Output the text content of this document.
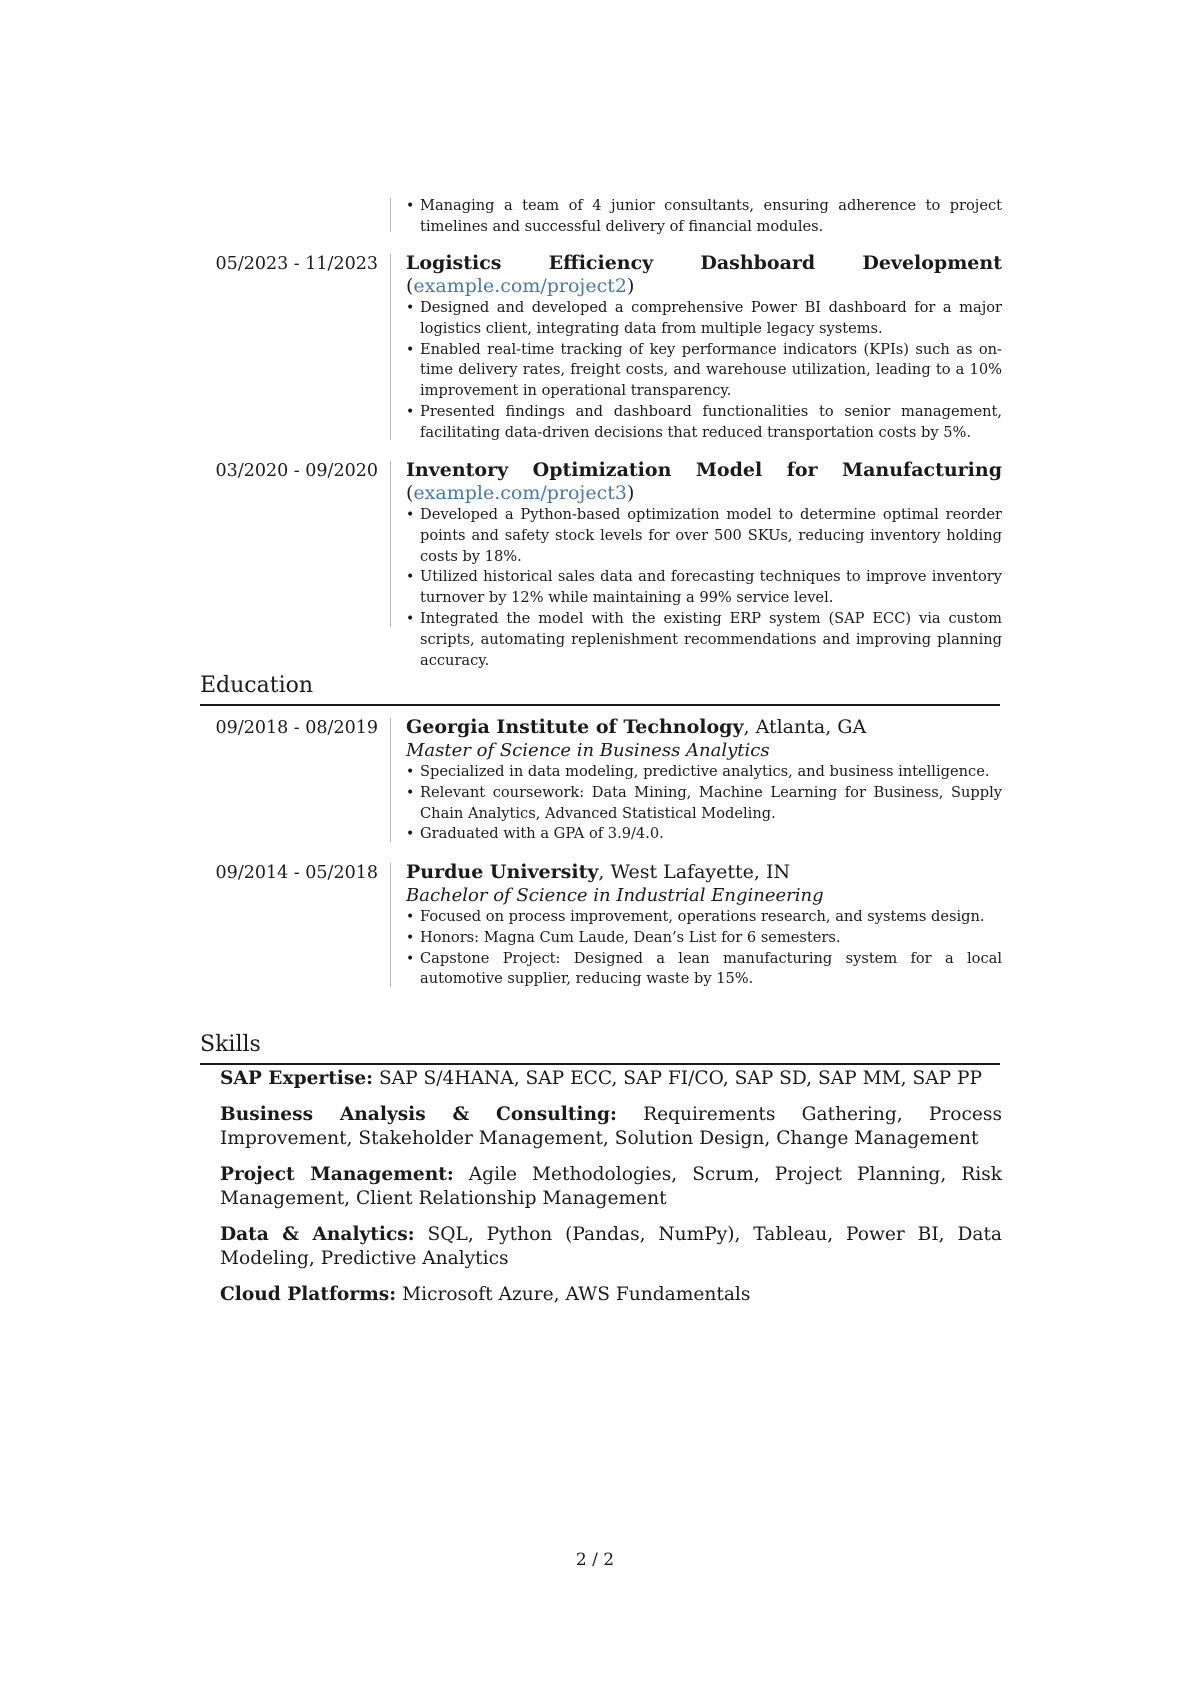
• Managing a team of 4 junior consultants, ensuring adherence to project timelines and successful delivery of financial modules.
05/2023 - 11/2023 Logistics Efficiency Dashboard Development (example.com/project2)
• Designed and developed a comprehensive Power BI dashboard for a major logistics client, integrating data from multiple legacy systems.
• Enabled real-time tracking of key performance indicators (KPIs) such as on-time delivery rates, freight costs, and warehouse utilization, leading to a 10% improvement in operational transparency.
• Presented findings and dashboard functionalities to senior management, facilitating data-driven decisions that reduced transportation costs by 5%.
03/2020 - 09/2020 Inventory Optimization Model for Manufacturing (example.com/project3)
• Developed a Python-based optimization model to determine optimal reorder points and safety stock levels for over 500 SKUs, reducing inventory holding costs by 18%.
• Utilized historical sales data and forecasting techniques to improve inventory turnover by 12% while maintaining a 99% service level.
• Integrated the model with the existing ERP system (SAP ECC) via custom scripts, automating replenishment recommendations and improving planning accuracy.
Education
09/2018 - 08/2019 Georgia Institute of Technology, Atlanta, GA
Master of Science in Business Analytics
• Specialized in data modeling, predictive analytics, and business intelligence.
• Relevant coursework: Data Mining, Machine Learning for Business, Supply Chain Analytics, Advanced Statistical Modeling.
• Graduated with a GPA of 3.9/4.0.
09/2014 - 05/2018 Purdue University, West Lafayette, IN
Bachelor of Science in Industrial Engineering
• Focused on process improvement, operations research, and systems design.
• Honors: Magna Cum Laude, Dean’s List for 6 semesters.
• Capstone Project: Designed a lean manufacturing system for a local automotive supplier, reducing waste by 15%.
Skills
SAP Expertise: SAP S/4HANA, SAP ECC, SAP FI/CO, SAP SD, SAP MM, SAP PP
Business Analysis & Consulting: Requirements Gathering, Process Improvement, Stakeholder Management, Solution Design, Change Management
Project Management: Agile Methodologies, Scrum, Project Planning, Risk Management, Client Relationship Management
Data & Analytics: SQL, Python (Pandas, NumPy), Tableau, Power BI, Data Modeling, Predictive Analytics
Cloud Platforms: Microsoft Azure, AWS Fundamentals
2 / 2
